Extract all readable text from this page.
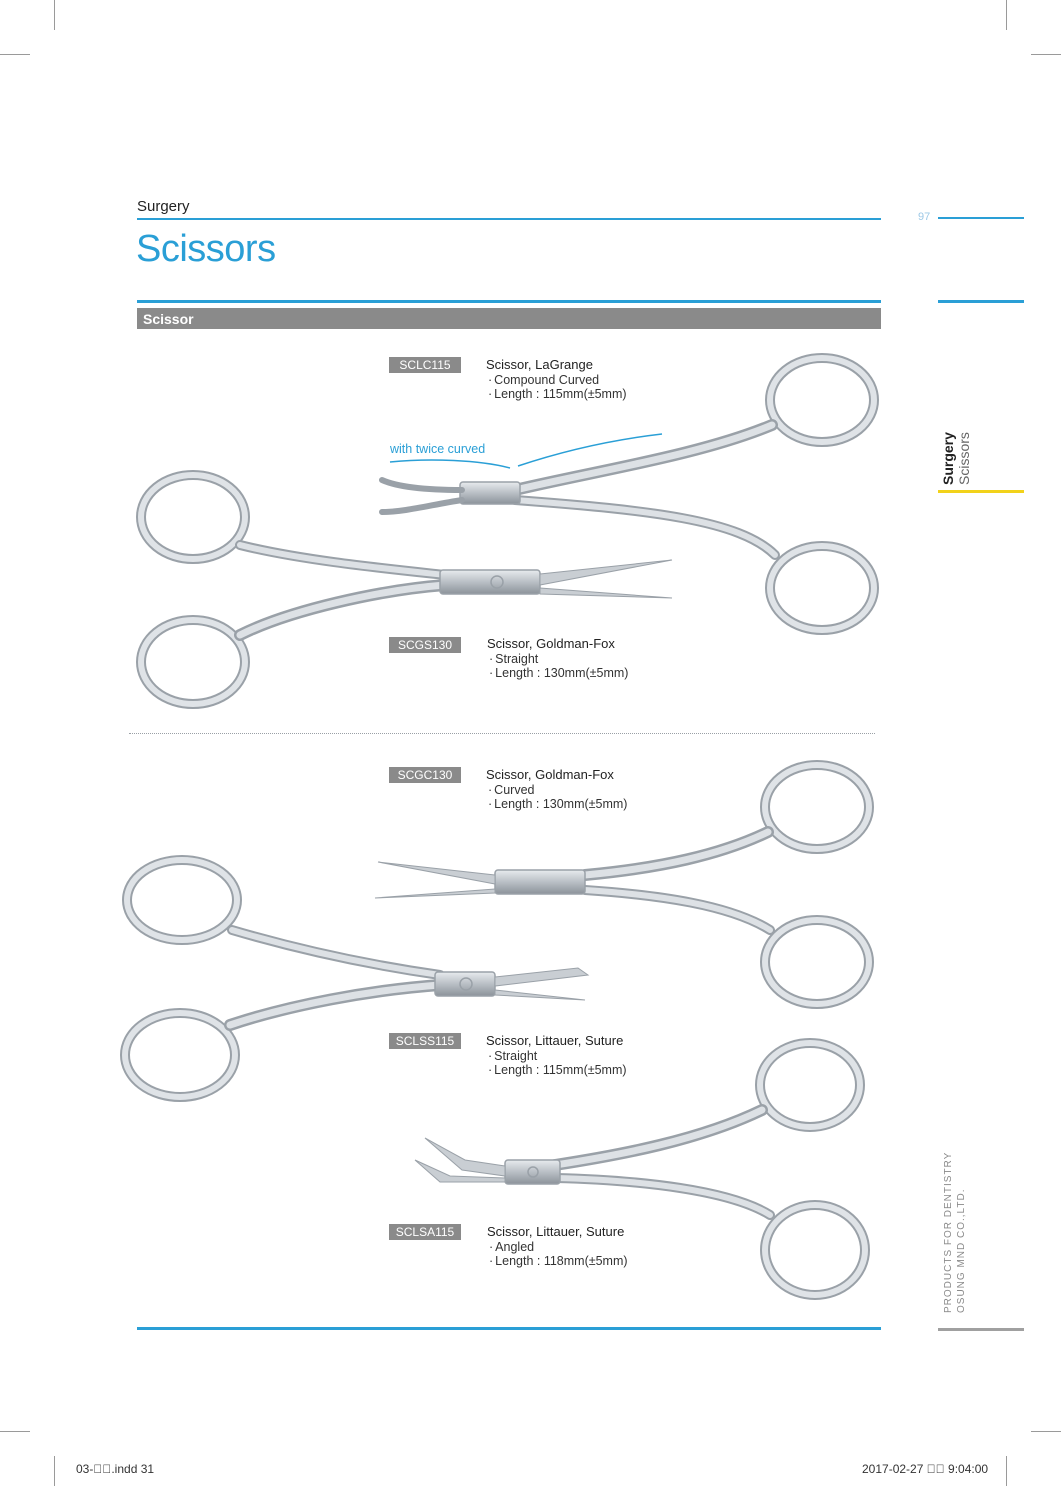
Surgery
97
Scissors
Scissor
Surgery
Scissors
PRODUCTS FOR DENTISTRY OSUNG MND CO.,LTD.
with twice curved
SCLC115	Scissor, LaGrange
· Compound Curved
· Length : 115mm(±5mm)
SCGS130	Scissor, Goldman-Fox
· Straight
· Length : 130mm(±5mm)
SCGC130	Scissor, Goldman-Fox
· Curved
· Length : 130mm(±5mm)
SCLSS115	Scissor, Littauer, Suture
· Straight
· Length : 115mm(±5mm)
SCLSA115	Scissor, Littauer, Suture
· Angled
· Length : 118mm(±5mm)
03-  .indd 31	2017-02-27    9:04:00
